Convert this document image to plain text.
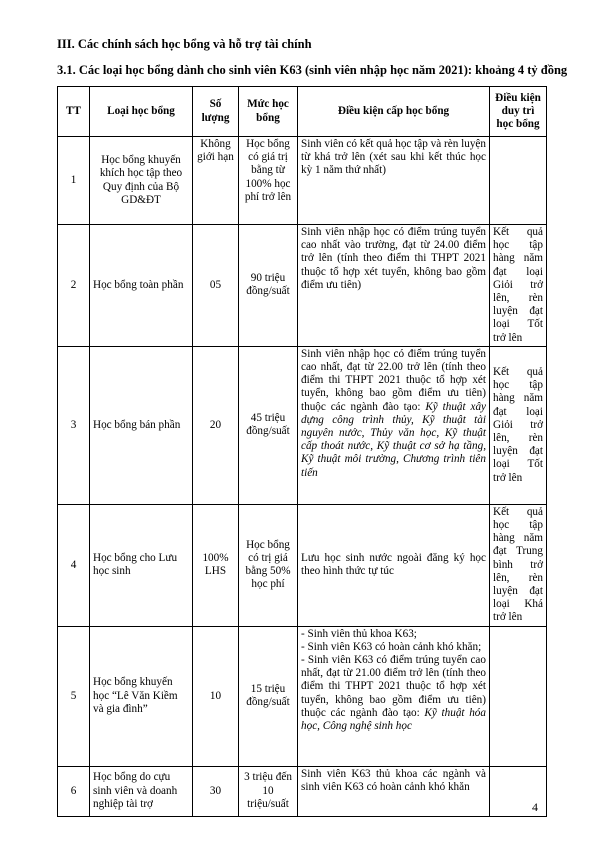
III. Các chính sách học bổng và hỗ trợ tài chính
3.1. Các loại học bổng dành cho sinh viên K63 (sinh viên nhập học năm 2021): khoảng 4 tỷ đồng
TT	Loại học bổng	Số lượng	Mức học bổng	Điều kiện cấp học bổng	Điều kiện duy trì học bổng
1	Học bổng khuyến khích học tập theo Quy định của Bộ GD&ĐT	Không giới hạn	Học bổng có giá trị bằng từ 100% học phí trở lên	Sinh viên có kết quả học tập và rèn luyện từ khá trở lên (xét sau khi kết thúc học kỳ 1 năm thứ nhất)	
2	Học bổng toàn phần	05	90 triệu đồng/suất	Sinh viên nhập học có điểm trúng tuyển cao nhất vào trường, đạt từ 24.00 điểm trở lên (tính theo điểm thi THPT 2021 thuộc tổ hợp xét tuyển, không bao gồm điểm ưu tiên)	Kết quả học tập hàng năm đạt loại Giỏi trở lên, rèn luyện đạt loại Tốt trở lên
3	Học bổng bán phần	20	45 triệu đồng/suất	Sinh viên nhập học có điểm trúng tuyển cao nhất, đạt từ 22.00 trở lên (tính theo điểm thi THPT 2021 thuộc tổ hợp xét tuyển, không bao gồm điểm ưu tiên) thuộc các ngành đào tạo: Kỹ thuật xây dựng công trình thủy, Kỹ thuật tài nguyên nước, Thủy văn học, Kỹ thuật cấp thoát nước, Kỹ thuật cơ sở hạ tầng, Kỹ thuật môi trường, Chương trình tiên tiến	Kết quả học tập hàng năm đạt loại Giỏi trở lên, rèn luyện đạt loại Tốt trở lên
4	Học bổng cho Lưu học sinh	100% LHS	Học bổng có trị giá bằng 50% học phí	Lưu học sinh nước ngoài đăng ký học theo hình thức tự túc	Kết quả học tập hàng năm đạt Trung bình trở lên, rèn luyện đạt loại Khá trở lên
5	Học bổng khuyến học “Lê Văn Kiềm và gia đình”	10	15 triệu đồng/suất	- Sinh viên thủ khoa K63;
- Sinh viên K63 có hoàn cảnh khó khăn;
- Sinh viên K63 có điểm trúng tuyển cao nhất, đạt từ 21.00 điểm trở lên (tính theo điểm thi THPT 2021 thuộc tổ hợp xét tuyển, không bao gồm điểm ưu tiên) thuộc các ngành đào tạo: Kỹ thuật hóa học, Công nghệ sinh học	

6	Học bổng do cựu sinh viên và doanh nghiệp tài trợ	30	3 triệu đến 10 triệu/suất	Sinh viên K63 thủ khoa các ngành và sinh viên K63 có hoàn cảnh khó khăn	
4
